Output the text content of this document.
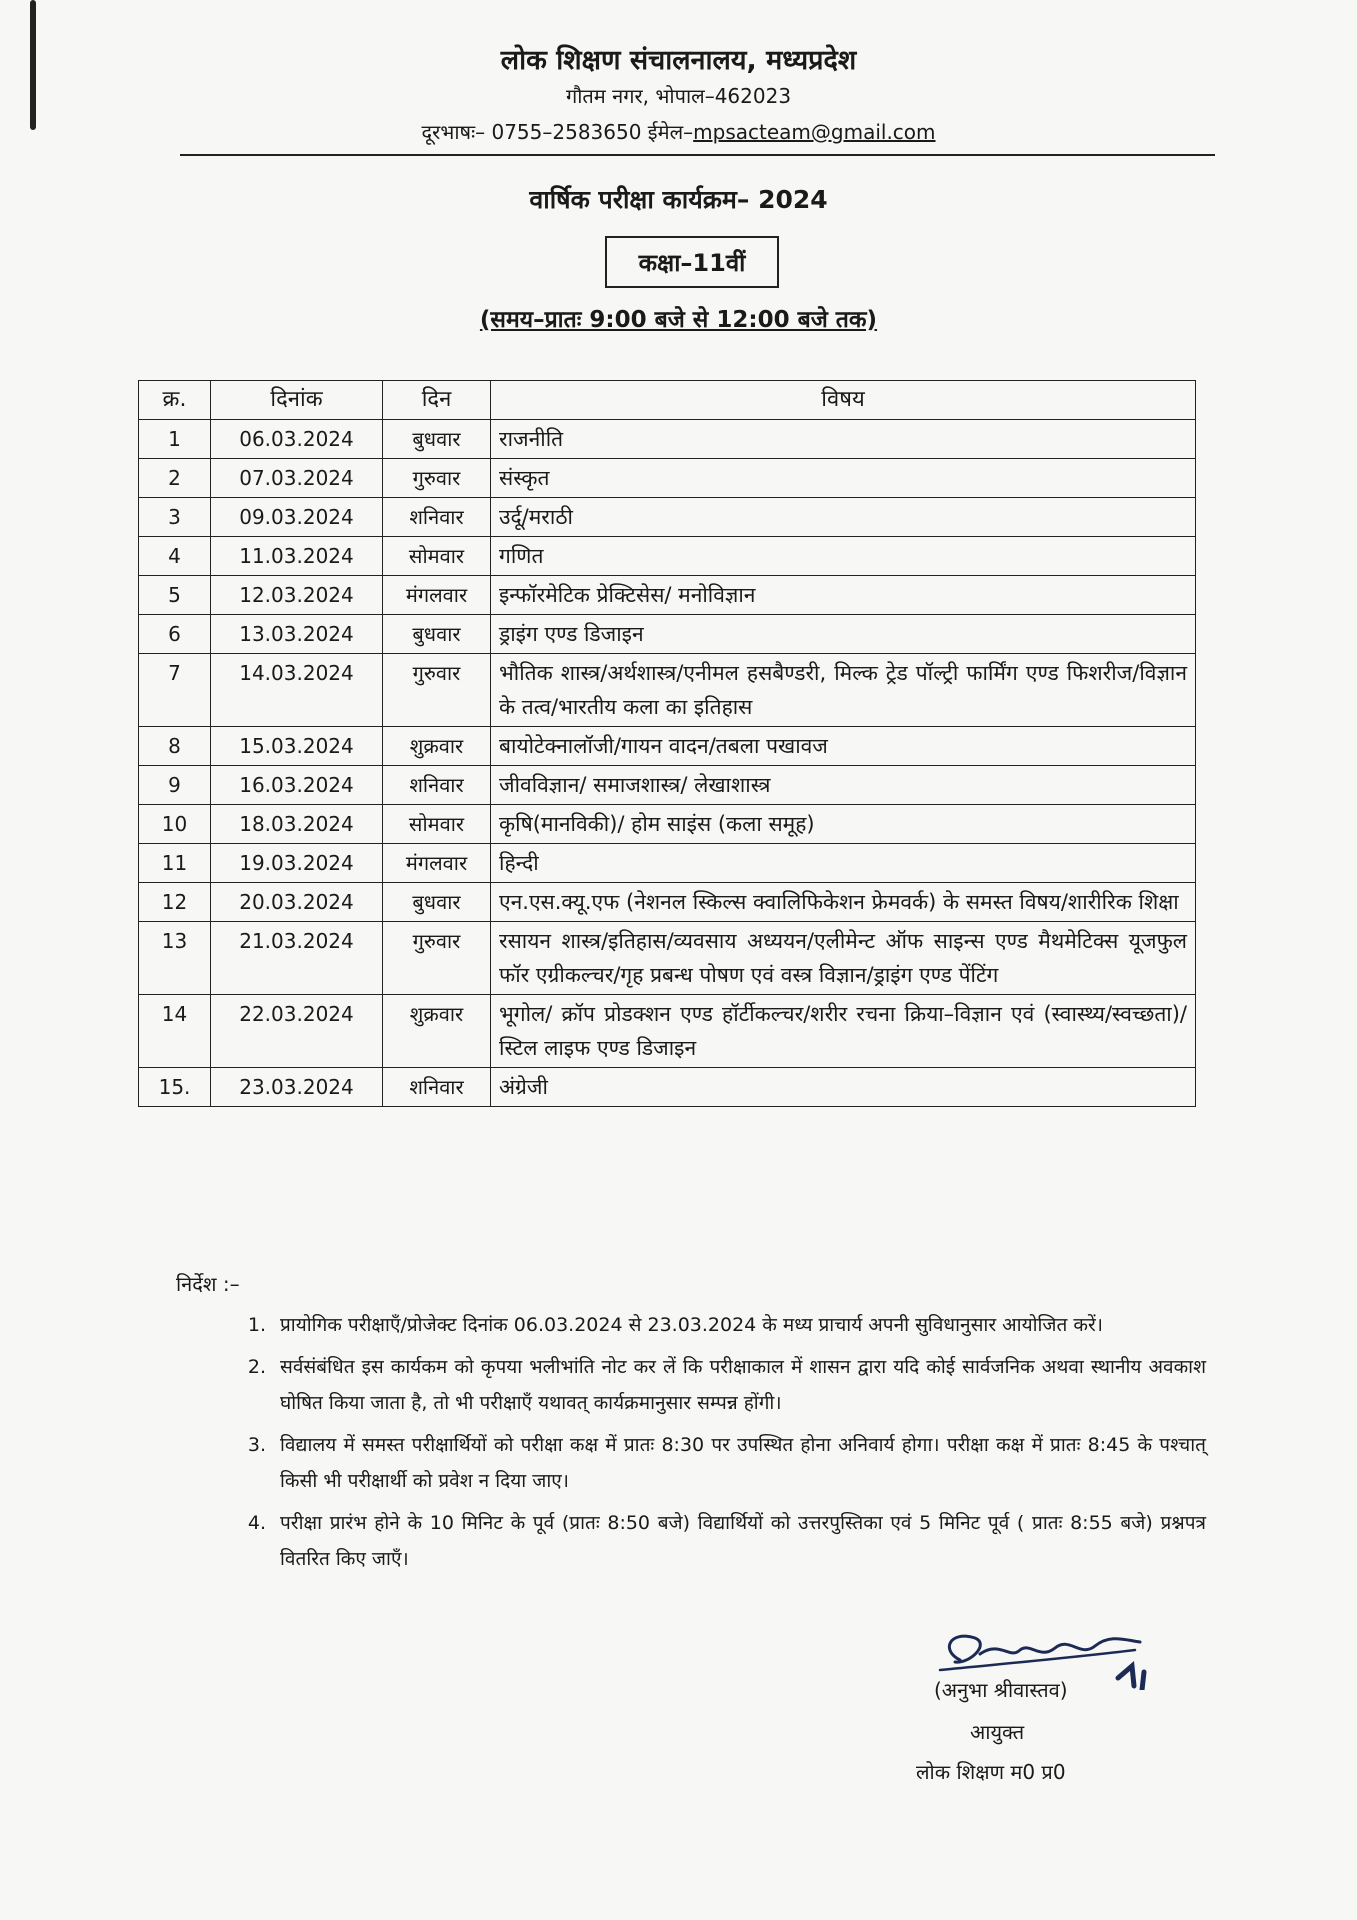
लोक शिक्षण संचालनालय, मध्यप्रदेश
गौतम नगर, भोपाल–462023
दूरभाषः– 0755–2583650 ईमेल–mpsacteam@gmail.com
वार्षिक परीक्षा कार्यक्रम– 2024
कक्षा–11वीं
(समय–प्रातः 9:00 बजे से 12:00 बजे तक)
क्र.	दिनांक	दिन	विषय
1	06.03.2024	बुधवार	राजनीति
2	07.03.2024	गुरुवार	संस्कृत
3	09.03.2024	शनिवार	उर्दू/मराठी
4	11.03.2024	सोमवार	गणित
5	12.03.2024	मंगलवार	इन्फॉरमेटिक प्रेक्टिसेस/ मनोविज्ञान
6	13.03.2024	बुधवार	ड्राइंग एण्ड डिजाइन
7	14.03.2024	गुरुवार	भौतिक शास्त्र/अर्थशास्त्र/एनीमल हसबैण्डरी, मिल्क ट्रेड पॉल्ट्री फार्मिंग एण्ड फिशरीज/विज्ञान के तत्व/भारतीय कला का इतिहास
8	15.03.2024	शुक्रवार	बायोटेक्नालॉजी/गायन वादन/तबला पखावज
9	16.03.2024	शनिवार	जीवविज्ञान/ समाजशास्त्र/ लेखाशास्त्र
10	18.03.2024	सोमवार	कृषि(मानविकी)/ होम साइंस (कला समूह)
11	19.03.2024	मंगलवार	हिन्दी
12	20.03.2024	बुधवार	एन.एस.क्यू.एफ (नेशनल स्किल्स क्वालिफिकेशन फ्रेमवर्क) के समस्त विषय/शारीरिक शिक्षा
13	21.03.2024	गुरुवार	रसायन शास्त्र/इतिहास/व्यवसाय अध्ययन/एलीमेन्ट ऑफ साइन्स एण्ड मैथमेटिक्स यूजफुल फॉर एग्रीकल्चर/गृह प्रबन्ध पोषण एवं वस्त्र विज्ञान/ड्राइंग एण्ड पेंटिंग
14	22.03.2024	शुक्रवार	भूगोल/ क्रॉप प्रोडक्शन एण्ड हॉर्टीकल्चर/शरीर रचना क्रिया–विज्ञान एवं (स्वास्थ्य/स्वच्छता)/स्टिल लाइफ एण्ड डिजाइन
15.	23.03.2024	शनिवार	अंग्रेजी
निर्देश :–
1. प्रायोगिक परीक्षाएँ/प्रोजेक्ट दिनांक 06.03.2024 से 23.03.2024 के मध्य प्राचार्य अपनी सुविधानुसार आयोजित करें।
2. सर्वसंबंधित इस कार्यकम को कृपया भलीभांति नोट कर लें कि परीक्षाकाल में शासन द्वारा यदि कोई सार्वजनिक अथवा स्थानीय अवकाश घोषित किया जाता है, तो भी परीक्षाएँ यथावत् कार्यक्रमानुसार सम्पन्न होंगी।
3. विद्यालय में समस्त परीक्षार्थियों को परीक्षा कक्ष में प्रातः 8:30 पर उपस्थित होना अनिवार्य होगा। परीक्षा कक्ष में प्रातः 8:45 के पश्चात् किसी भी परीक्षार्थी को प्रवेश न दिया जाए।
4. परीक्षा प्रारंभ होने के 10 मिनिट के पूर्व (प्रातः 8:50 बजे) विद्यार्थियों को उत्तरपुस्तिका एवं 5 मिनिट पूर्व ( प्रातः 8:55 बजे) प्रश्नपत्र वितरित किए जाएँ।
(अनुभा श्रीवास्तव)
आयुक्त
लोक शिक्षण म0 प्र0
